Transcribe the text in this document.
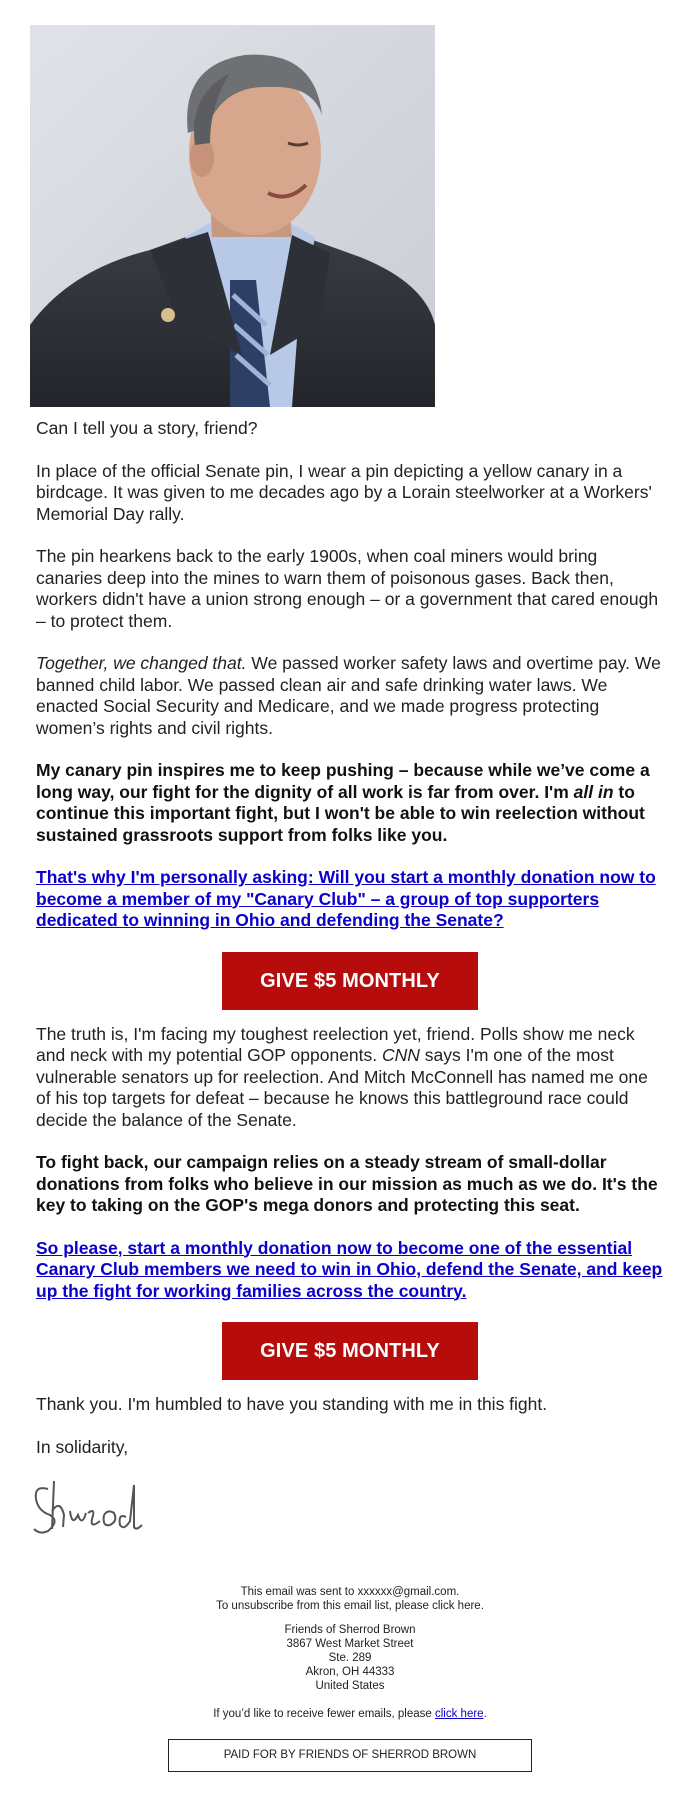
Can I tell you a story, friend?

In place of the official Senate pin, I wear a pin depicting a yellow canary in a birdcage. It was given to me decades ago by a Lorain steelworker at a Workers' Memorial Day rally.

The pin hearkens back to the early 1900s, when coal miners would bring canaries deep into the mines to warn them of poisonous gases. Back then, workers didn't have a union strong enough – or a government that cared enough – to protect them.

Together, we changed that. We passed worker safety laws and overtime pay. We banned child labor. We passed clean air and safe drinking water laws. We enacted Social Security and Medicare, and we made progress protecting women’s rights and civil rights.

My canary pin inspires me to keep pushing – because while we’ve come a long way, our fight for the dignity of all work is far from over. I'm all in to continue this important fight, but I won't be able to win reelection without sustained grassroots support from folks like you.

That's why I'm personally asking: Will you start a monthly donation now to become a member of my "Canary Club" – a group of top supporters dedicated to winning in Ohio and defending the Senate?

GIVE $5 MONTHLY

The truth is, I'm facing my toughest reelection yet, friend. Polls show me neck and neck with my potential GOP opponents. CNN says I'm one of the most vulnerable senators up for reelection. And Mitch McConnell has named me one of his top targets for defeat – because he knows this battleground race could decide the balance of the Senate.

To fight back, our campaign relies on a steady stream of small-dollar donations from folks who believe in our mission as much as we do. It's the key to taking on the GOP's mega donors and protecting this seat.

So please, start a monthly donation now to become one of the essential Canary Club members we need to win in Ohio, defend the Senate, and keep up the fight for working families across the country.

GIVE $5 MONTHLY

Thank you. I'm humbled to have you standing with me in this fight.

In solidarity,

This email was sent to xxxxxx@gmail.com.
To unsubscribe from this email list, please click here.

Friends of Sherrod Brown
3867 West Market Street
Ste. 289
Akron, OH 44333
United States

If you’d like to receive fewer emails, please click here.

PAID FOR BY FRIENDS OF SHERROD BROWN
